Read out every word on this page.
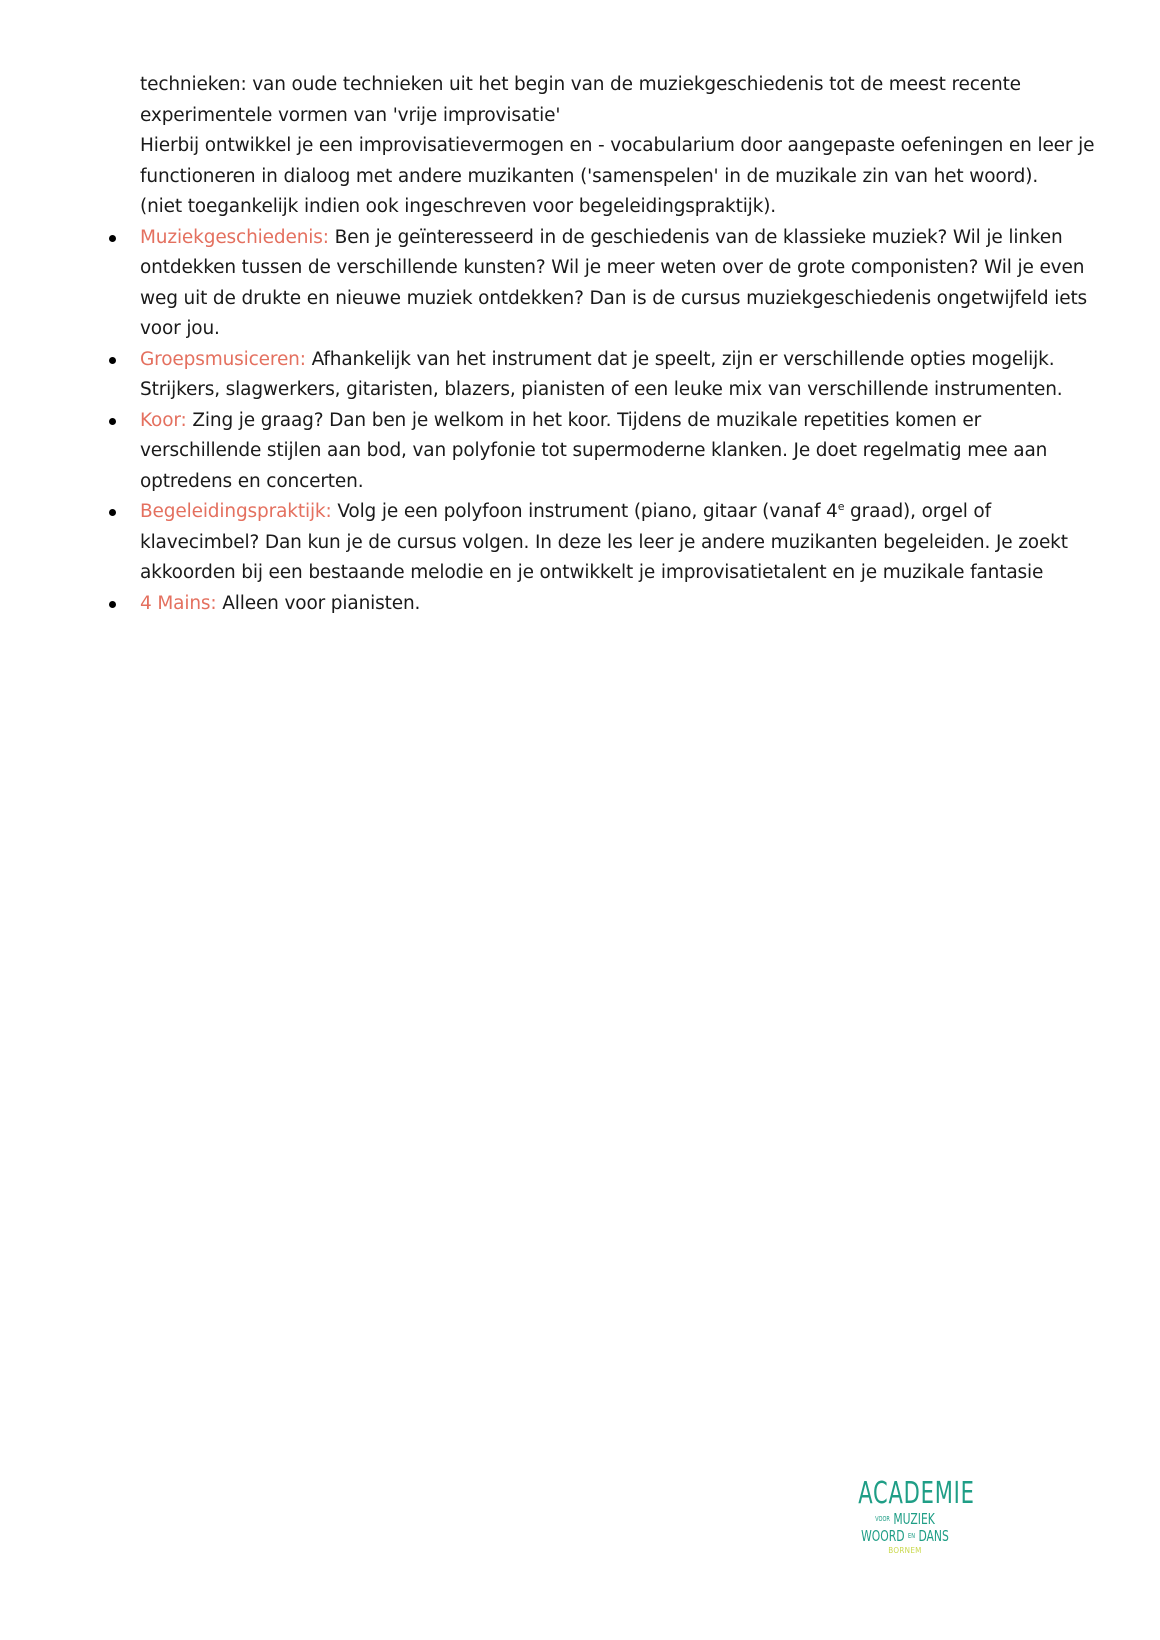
technieken: van oude technieken uit het begin van de muziekgeschiedenis tot de meest recente

experimentele vormen van 'vrije improvisatie'

Hierbij ontwikkel je een improvisatievermogen en - vocabularium door aangepaste oefeningen en leer je

functioneren in dialoog met andere muzikanten ('samenspelen' in de muzikale zin van het woord).

(niet toegankelijk indien ook ingeschreven voor begeleidingspraktijk).

Muziekgeschiedenis: Ben je geïnteresseerd in de geschiedenis van de klassieke muziek? Wil je linken ontdekken tussen de verschillende kunsten? Wil je meer weten over de grote componisten? Wil je even weg uit de drukte en nieuwe muziek ontdekken? Dan is de cursus muziekgeschiedenis ongetwijfeld iets voor jou.
Groepsmusiceren: Afhankelijk van het instrument dat je speelt, zijn er verschillende opties mogelijk. Strijkers, slagwerkers, gitaristen, blazers, pianisten of een leuke mix van verschillende instrumenten.
Koor: Zing je graag? Dan ben je welkom in het koor. Tijdens de muzikale repetities komen er verschillende stijlen aan bod, van polyfonie tot supermoderne klanken. Je doet regelmatig mee aan optredens en concerten.
Begeleidingspraktijk: Volg je een polyfoon instrument (piano, gitaar (vanaf 4e graad), orgel of klavecimbel? Dan kun je de cursus volgen. In deze les leer je andere muzikanten begeleiden. Je zoekt akkoorden bij een bestaande melodie en je ontwikkelt je improvisatietalent en je muzikale fantasie
4 Mains: Alleen voor pianisten.
ACADEMIE
VOOR MUZIEK
WOORD EN DANS
BORNEM
